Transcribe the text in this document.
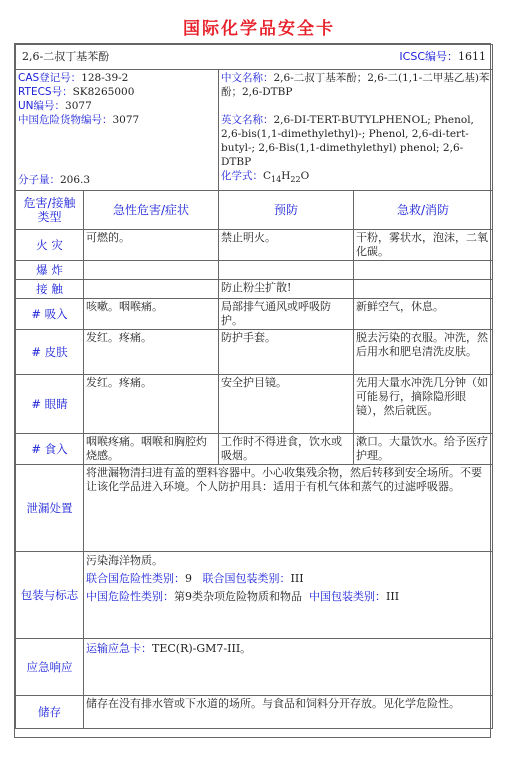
国际化学品安全卡
2,6-二叔丁基苯酚 ICSC编号：1611			

CAS登记号：128-39-2
RTECS号：SK8265000
UN编号：3077
中国危险货物编号：3077
分子量：206.3		中文名称：2,6-二叔丁基苯酚；2,6-二(1,1-二甲基乙基)苯酚；2,6-DTBP
英文名称：2,6-DI-TERT-BUTYLPHENOL; Phenol, 2,6-bis(1,1-dimethylethyl)-; Phenol, 2,6-di-tert-butyl-; 2,6-Bis(1,1-dimethylethyl) phenol; 2,6-DTBP
化学式：$C_{14}H_{22}O$	

危害/接触类型	急性危害/症状	预防	急救/消防
火 灾	可燃的。	禁止明火。	干粉，雾状水，泡沫，二氧化碳。
爆 炸			
接 触		防止粉尘扩散!	
# 吸入	咳嗽。咽喉痛。	局部排气通风或呼吸防护。	新鲜空气，休息。
# 皮肤	发红。疼痛。	防护手套。	脱去污染的衣服。冲洗，然后用水和肥皂清洗皮肤。
# 眼睛	发红。疼痛。	安全护目镜。	先用大量水冲洗几分钟（如可能易行，摘除隐形眼镜），然后就医。
# 食入	咽喉疼痛。咽喉和胸腔灼烧感。	工作时不得进食，饮水或吸烟。	漱口。大量饮水。给予医疗护理。
泄漏处置	将泄漏物清扫进有盖的塑料容器中。小心收集残余物，然后转移到安全场所。不要让该化学品进入环境。个人防护用具：适用于有机气体和蒸气的过滤呼吸器。		
包装与标志	污染海洋物质。
联合国危险性类别：9 联合国包装类别：III
中国危险性类别：第9类杂项危险物质和物品 中国包装类别：III		

应急响应	运输应急卡：TEC(R)-GM7-III。		
储存	储存在没有排水管或下水道的场所。与食品和饲料分开存放。见化学危险性。		
